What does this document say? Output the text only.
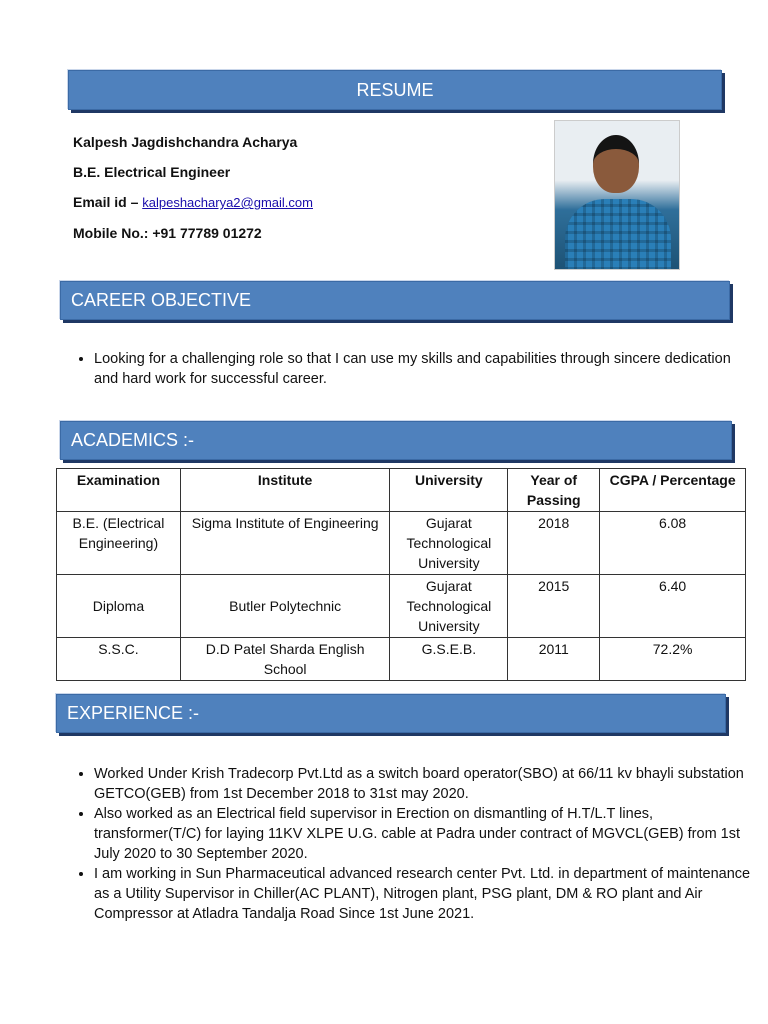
RESUME
Kalpesh Jagdishchandra Acharya
B.E. Electrical Engineer
Email id – kalpeshacharya2@gmail.com
Mobile No.: +91 77789 01272
CAREER OBJECTIVE
• Looking for a challenging role so that I can use my skills and capabilities through sincere dedication and hard work for successful career.
ACADEMICS :-
Examination	Institute	University	Year of Passing	CGPA / Percentage
B.E. (Electrical Engineering)	Sigma Institute of Engineering	Gujarat Technological University	2018	6.08
Diploma	Butler Polytechnic	Gujarat Technological University	2015	6.40
S.S.C.	D.D Patel Sharda English School	G.S.E.B.	2011	72.2%
EXPERIENCE :-
• Worked Under Krish Tradecorp Pvt.Ltd as a switch board operator(SBO) at 66/11 kv bhayli substation GETCO(GEB) from 1st December 2018 to 31st may 2020.
• Also worked as an Electrical field supervisor in Erection on dismantling of H.T/L.T lines, transformer(T/C) for laying 11KV XLPE U.G. cable at Padra under contract of MGVCL(GEB) from 1st July 2020 to 30 September 2020.
• I am working in Sun Pharmaceutical advanced research center Pvt. Ltd. in department of maintenance as a Utility Supervisor in Chiller(AC PLANT), Nitrogen plant, PSG plant, DM & RO plant and Air Compressor at Atladra Tandalja Road Since 1st June 2021.
